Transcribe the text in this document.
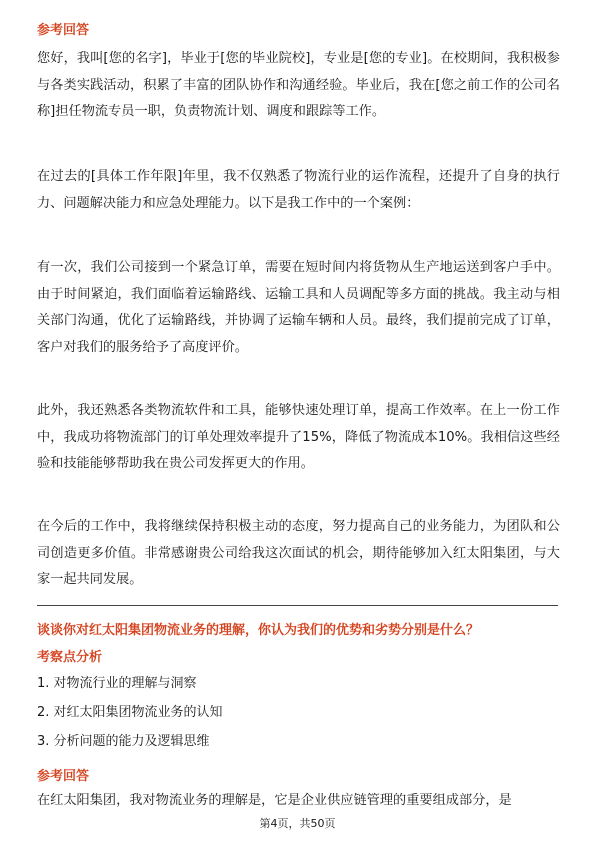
参考回答

您好，我叫[您的名字]，毕业于[您的毕业院校]，专业是[您的专业]。在校期间，我积极参与各类实践活动，积累了丰富的团队协作和沟通经验。毕业后，我在[您之前工作的公司名称]担任物流专员一职，负责物流计划、调度和跟踪等工作。

在过去的[具体工作年限]年里，我不仅熟悉了物流行业的运作流程，还提升了自身的执行力、问题解决能力和应急处理能力。以下是我工作中的一个案例：

有一次，我们公司接到一个紧急订单，需要在短时间内将货物从生产地运送到客户手中。由于时间紧迫，我们面临着运输路线、运输工具和人员调配等多方面的挑战。我主动与相关部门沟通，优化了运输路线，并协调了运输车辆和人员。最终，我们提前完成了订单，客户对我们的服务给予了高度评价。

此外，我还熟悉各类物流软件和工具，能够快速处理订单，提高工作效率。在上一份工作中，我成功将物流部门的订单处理效率提升了15%，降低了物流成本10%。我相信这些经验和技能能够帮助我在贵公司发挥更大的作用。

在今后的工作中，我将继续保持积极主动的态度，努力提高自己的业务能力，为团队和公司创造更多价值。非常感谢贵公司给我这次面试的机会，期待能够加入红太阳集团，与大家一起共同发展。

谈谈你对红太阳集团物流业务的理解，你认为我们的优势和劣势分别是什么？
考察点分析
1. 对物流行业的理解与洞察
2. 对红太阳集团物流业务的认知
3. 分析问题的能力及逻辑思维
参考回答

在红太阳集团，我对物流业务的理解是，它是企业供应链管理的重要组成部分，是

第4页，共50页
